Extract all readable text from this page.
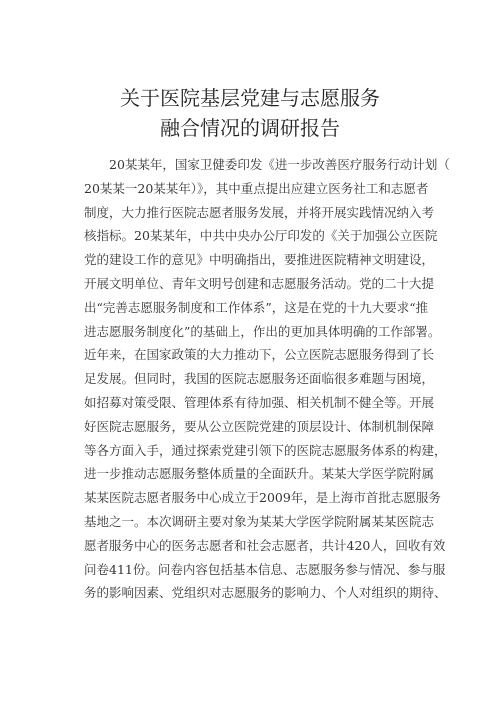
关于医院基层党建与志愿服务
融合情况的调研报告
20某某年，国家卫健委印发《进一步改善医疗服务行动计划（
20某某一20某某年）》，其中重点提出应建立医务社工和志愿者
制度，大力推行医院志愿者服务发展，并将开展实践情况纳入考
核指标。20某某年，中共中央办公厅印发的《关于加强公立医院
党的建设工作的意见》中明确指出，要推进医院精神文明建设，
开展文明单位、青年文明号创建和志愿服务活动。党的二十大提
出“完善志愿服务制度和工作体系”，这是在党的十九大要求“推
进志愿服务制度化”的基础上，作出的更加具体明确的工作部署。
近年来，在国家政策的大力推动下，公立医院志愿服务得到了长
足发展。但同时，我国的医院志愿服务还面临很多难题与困境，
如招募对策受限、管理体系有待加强、相关机制不健全等。开展
好医院志愿服务，要从公立医院党建的顶层设计、体制机制保障
等各方面入手，通过探索党建引领下的医院志愿服务体系的构建，
进一步推动志愿服务整体质量的全面跃升。某某大学医学院附属
某某医院志愿者服务中心成立于2009年，是上海市首批志愿服务
基地之一。本次调研主要对象为某某大学医学院附属某某医院志
愿者服务中心的医务志愿者和社会志愿者，共计420人，回收有效
问卷411份。问卷内容包括基本信息、志愿服务参与情况、参与服
务的影响因素、党组织对志愿服务的影响力、个人对组织的期待、
